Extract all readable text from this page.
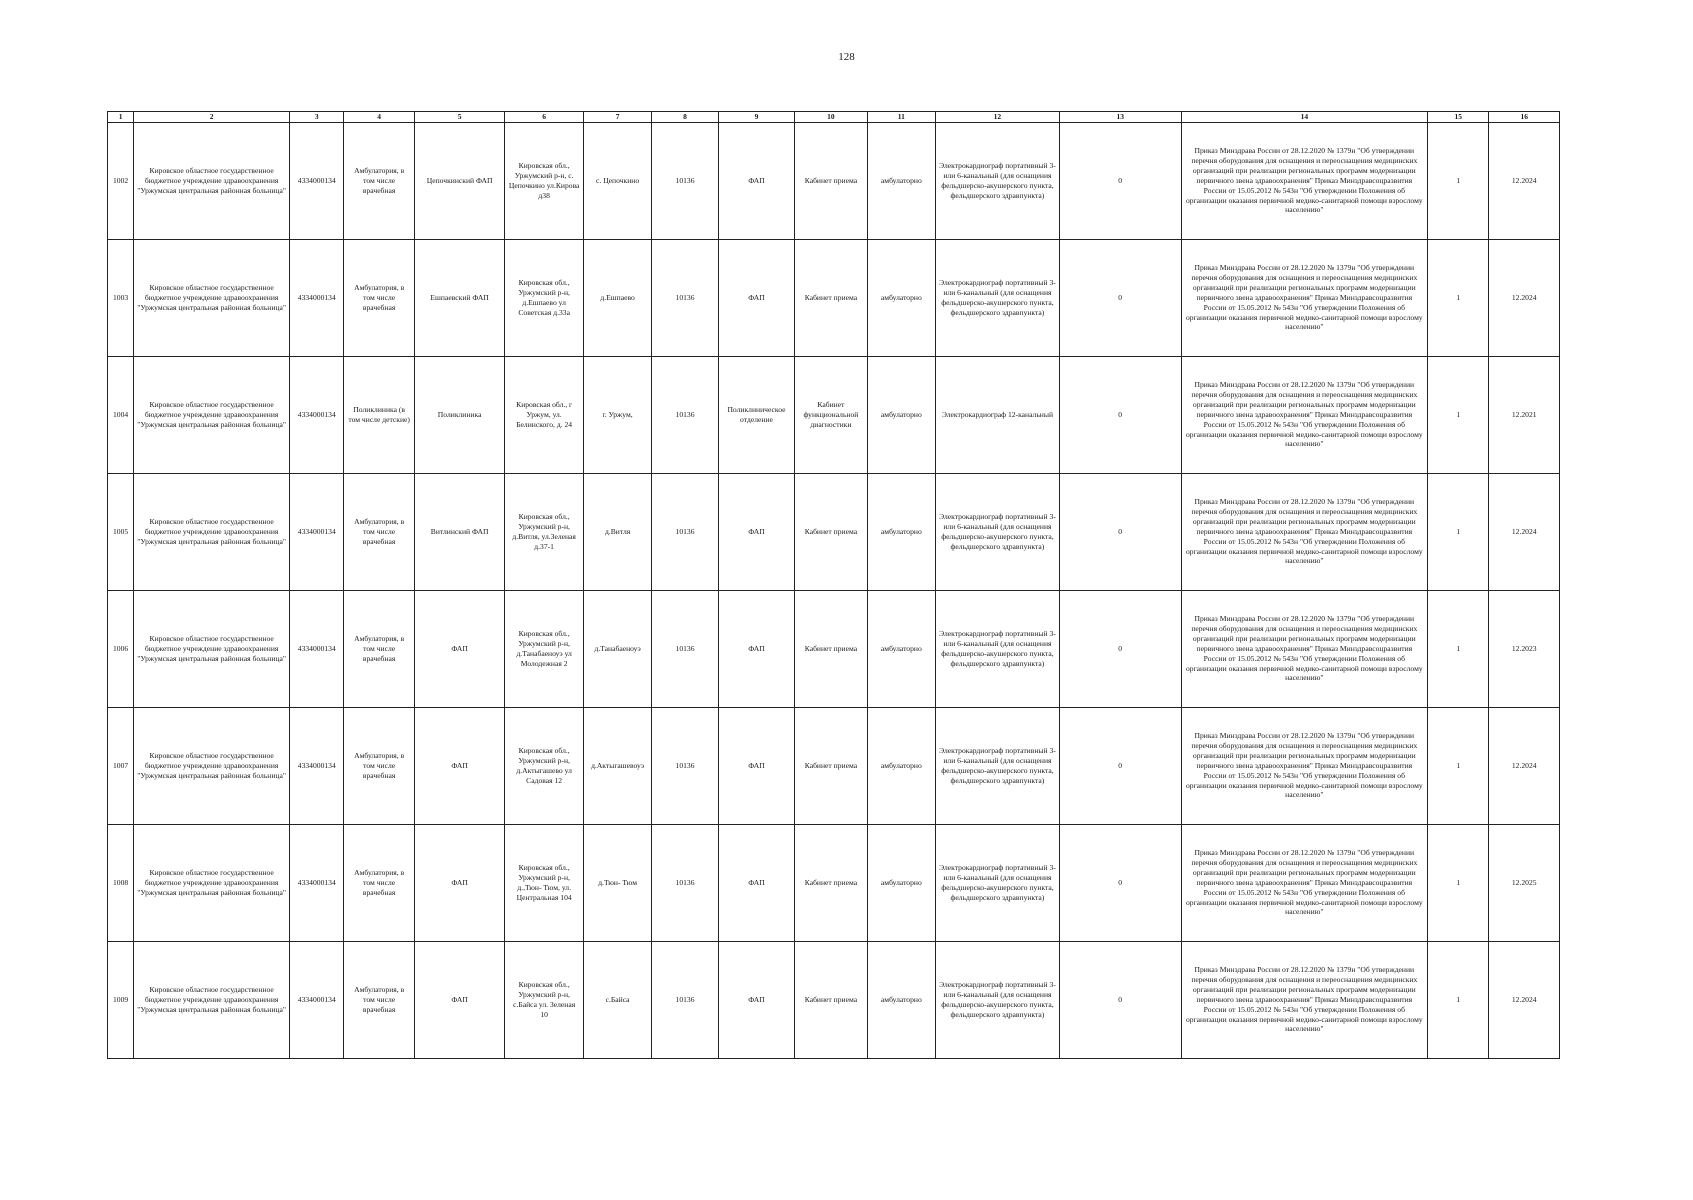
128
1	2	3	4	5	6	7	8	9	10	11	12	13	14	15	16
1002	Кировское областное государственное бюджетное учреждение здравоохранения "Уржумская центральная районная больница"	4334000134	Амбулатория, в том числе врачебная	Цепочкинский ФАП	Кировская обл., Уржумский р-н, с. Цепочкино ул.Кирова д38	с. Цепочкино	10136	ФАП	Кабинет приема	амбулаторно	Электрокардиограф портативный 3- или 6-канальный (для оснащения фельдшерско-акушерского пункта, фельдшерского здравпункта)	0	Приказ Минздрава России от 28.12.2020 № 1379н "Об утверждении перечня оборудования для оснащения и переоснащения медицинских организаций при реализации региональных программ модернизации первичного звена здравоохранения" Приказ Минздравсоцразвития России от 15.05.2012 № 543н "Об утверждении Положения об организации оказания первичной медико-санитарной помощи взрослому населению"	1	12.2024
1003	Кировское областное государственное бюджетное учреждение здравоохранения "Уржумская центральная районная больница"	4334000134	Амбулатория, в том числе врачебная	Ешпаевский ФАП	Кировская обл., Уржумский р-н, д.Ешпаево ул Советская д.33а	д.Ешпаево	10136	ФАП	Кабинет приема	амбулаторно	Электрокардиограф портативный 3- или 6-канальный (для оснащения фельдшерско-акушерского пункта, фельдшерского здравпункта)	0	Приказ Минздрава России от 28.12.2020 № 1379н "Об утверждении перечня оборудования для оснащения и переоснащения медицинских организаций при реализации региональных программ модернизации первичного звена здравоохранения" Приказ Минздравсоцразвития России от 15.05.2012 № 543н "Об утверждении Положения об организации оказания первичной медико-санитарной помощи взрослому населению"	1	12.2024
1004	Кировское областное государственное бюджетное учреждение здравоохранения "Уржумская центральная районная больница"	4334000134	Поликлиника (в том числе детские)	Поликлиника	Кировская обл., г Уржум, ул. Белинского, д. 24	г. Уржум,	10136	Поликлиническое отделение	Кабинет функциональной диагностики	амбулаторно	Электрокардиограф 12-канальный	0	Приказ Минздрава России от 28.12.2020 № 1379н "Об утверждении перечня оборудования для оснащения и переоснащения медицинских организаций при реализации региональных программ модернизации первичного звена здравоохранения" Приказ Минздравсоцразвития России от 15.05.2012 № 543н "Об утверждении Положения об организации оказания первичной медико-санитарной помощи взрослому населению"	1	12.2021
1005	Кировское областное государственное бюджетное учреждение здравоохранения "Уржумская центральная районная больница"	4334000134	Амбулатория, в том числе врачебная	Витлинский ФАП	Кировская обл., Уржумский р-н, д.Витля, ул.Зеленая д.37-1	д.Витля	10136	ФАП	Кабинет приема	амбулаторно	Электрокардиограф портативный 3- или 6-канальный (для оснащения фельдшерско-акушерского пункта, фельдшерского здравпункта)	0	Приказ Минздрава России от 28.12.2020 № 1379н "Об утверждении перечня оборудования для оснащения и переоснащения медицинских организаций при реализации региональных программ модернизации первичного звена здравоохранения" Приказ Минздравсоцразвития России от 15.05.2012 № 543н "Об утверждении Положения об организации оказания первичной медико-санитарной помощи взрослому населению"	1	12.2024
1006	Кировское областное государственное бюджетное учреждение здравоохранения "Уржумская центральная районная больница"	4334000134	Амбулатория, в том числе врачебная	ФАП	Кировская обл., Уржумский р-н, д.Танабаеноуэ ул Молодежная 2	д.Танабаеноуэ	10136	ФАП	Кабинет приема	амбулаторно	Электрокардиограф портативный 3- или 6-канальный (для оснащения фельдшерско-акушерского пункта, фельдшерского здравпункта)	0	Приказ Минздрава России от 28.12.2020 № 1379н "Об утверждении перечня оборудования для оснащения и переоснащения медицинских организаций при реализации региональных программ модернизации первичного звена здравоохранения" Приказ Минздравсоцразвития России от 15.05.2012 № 543н "Об утверждении Положения об организации оказания первичной медико-санитарной помощи взрослому населению"	1	12.2023
1007	Кировское областное государственное бюджетное учреждение здравоохранения "Уржумская центральная районная больница"	4334000134	Амбулатория, в том числе врачебная	ФАП	Кировская обл., Уржумский р-н, д.Актыгашево ул Садовая 12	д.Актыгашевоуэ	10136	ФАП	Кабинет приема	амбулаторно	Электрокардиограф портативный 3- или 6-канальный (для оснащения фельдшерско-акушерского пункта, фельдшерского здравпункта)	0	Приказ Минздрава России от 28.12.2020 № 1379н "Об утверждении перечня оборудования для оснащения и переоснащения медицинских организаций при реализации региональных программ модернизации первичного звена здравоохранения" Приказ Минздравсоцразвития России от 15.05.2012 № 543н "Об утверждении Положения об организации оказания первичной медико-санитарной помощи взрослому населению"	1	12.2024
1008	Кировское областное государственное бюджетное учреждение здравоохранения "Уржумская центральная районная больница"	4334000134	Амбулатория, в том числе врачебная	ФАП	Кировская обл., Уржумский р-н, д.,Тюн- Тюм, ул. Центральная 104	д.Тюн- Тюм	10136	ФАП	Кабинет приема	амбулаторно	Электрокардиограф портативный 3- или 6-канальный (для оснащения фельдшерско-акушерского пункта, фельдшерского здравпункта)	0	Приказ Минздрава России от 28.12.2020 № 1379н "Об утверждении перечня оборудования для оснащения и переоснащения медицинских организаций при реализации региональных программ модернизации первичного звена здравоохранения" Приказ Минздравсоцразвития России от 15.05.2012 № 543н "Об утверждении Положения об организации оказания первичной медико-санитарной помощи взрослому населению"	1	12.2025
1009	Кировское областное государственное бюджетное учреждение здравоохранения "Уржумская центральная районная больница"	4334000134	Амбулатория, в том числе врачебная	ФАП	Кировская обл., Уржумский р-н, с.Байса ул. Зеленая 10	с.Байса	10136	ФАП	Кабинет приема	амбулаторно	Электрокардиограф портативный 3- или 6-канальный (для оснащения фельдшерско-акушерского пункта, фельдшерского здравпункта)	0	Приказ Минздрава России от 28.12.2020 № 1379н "Об утверждении перечня оборудования для оснащения и переоснащения медицинских организаций при реализации региональных программ модернизации первичного звена здравоохранения" Приказ Минздравсоцразвития России от 15.05.2012 № 543н "Об утверждении Положения об организации оказания первичной медико-санитарной помощи взрослому населению"	1	12.2024
